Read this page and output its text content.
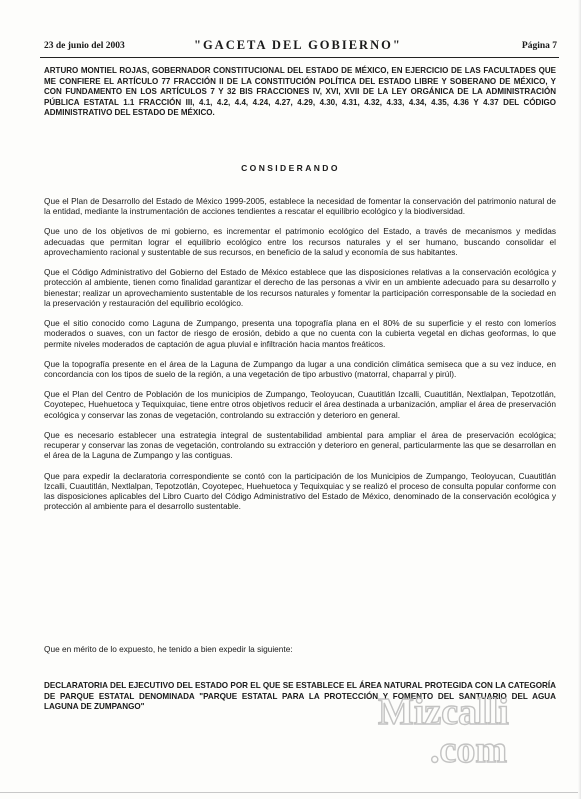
23 de junio del 2003	"GACETA DEL GOBIERNO"	Página 7
ARTURO MONTIEL ROJAS, GOBERNADOR CONSTITUCIONAL DEL ESTADO DE MÉXICO, EN EJERCICIO DE LAS FACULTADES QUE ME CONFIERE EL ARTÍCULO 77 FRACCIÓN II DE LA CONSTITUCIÓN POLÍTICA DEL ESTADO LIBRE Y SOBERANO DE MÉXICO, Y CON FUNDAMENTO EN LOS ARTÍCULOS 7 Y 32 BIS FRACCIONES IV, XVI, XVII DE LA LEY ORGÁNICA DE LA ADMINISTRACIÓN PÚBLICA ESTATAL 1.1 FRACCIÓN III, 4.1, 4.2, 4.4, 4.24, 4.27, 4.29, 4.30, 4.31, 4.32, 4.33, 4.34, 4.35, 4.36 Y 4.37 DEL CÓDIGO ADMINISTRATIVO DEL ESTADO DE MÉXICO.
CONSIDERANDO

Que el Plan de Desarrollo del Estado de México 1999-2005, establece la necesidad de fomentar la conservación del patrimonio natural de la entidad, mediante la instrumentación de acciones tendientes a rescatar el equilibrio ecológico y la biodiversidad.

Que uno de los objetivos de mi gobierno, es incrementar el patrimonio ecológico del Estado, a través de mecanismos y medidas adecuadas que permitan lograr el equilibrio ecológico entre los recursos naturales y el ser humano, buscando consolidar el aprovechamiento racional y sustentable de sus recursos, en beneficio de la salud y economía de sus habitantes.

Que el Código Administrativo del Gobierno del Estado de México establece que las disposiciones relativas a la conservación ecológica y protección al ambiente, tienen como finalidad garantizar el derecho de las personas a vivir en un ambiente adecuado para su desarrollo y bienestar; realizar un aprovechamiento sustentable de los recursos naturales y fomentar la participación corresponsable de la sociedad en la preservación y restauración del equilibrio ecológico.

Que el sitio conocido como Laguna de Zumpango, presenta una topografía plana en el 80% de su superficie y el resto con lomeríos moderados o suaves, con un factor de riesgo de erosión, debido a que no cuenta con la cubierta vegetal en dichas geoformas, lo que permite niveles moderados de captación de agua pluvial e infiltración hacia mantos freáticos.

Que la topografía presente en el área de la Laguna de Zumpango da lugar a una condición climática semiseca que a su vez induce, en concordancia con los tipos de suelo de la región, a una vegetación de tipo arbustivo (matorral, chaparral y pirúl).

Que el Plan del Centro de Población de los municipios de Zumpango, Teoloyucan, Cuautitlán Izcalli, Cuautitlán, Nextlalpan, Tepotzotlán, Coyotepec, Huehuetoca y Tequixquiac, tiene entre otros objetivos reducir el área destinada a urbanización, ampliar el área de preservación ecológica y conservar las zonas de vegetación, controlando su extracción y deterioro en general.

Que es necesario establecer una estrategia integral de sustentabilidad ambiental para ampliar el área de preservación ecológica; recuperar y conservar las zonas de vegetación, controlando su extracción y deterioro en general, particularmente las que se desarrollan en el área de la Laguna de Zumpango y las contiguas.

Que para expedir la declaratoria correspondiente se contó con la participación de los Municipios de Zumpango, Teoloyucan, Cuautitlán Izcalli, Cuautitlán, Nextlalpan, Tepotzotlán, Coyotepec, Huehuetoca y Tequixquiac y se realizó el proceso de consulta popular conforme con las disposiciones aplicables del Libro Cuarto del Código Administrativo del Estado de México, denominado de la conservación ecológica y protección al ambiente para el desarrollo sustentable.

Que en mérito de lo expuesto, he tenido a bien expedir la siguiente:
DECLARATORIA DEL EJECUTIVO DEL ESTADO POR EL QUE SE ESTABLECE EL ÁREA NATURAL PROTEGIDA CON LA CATEGORÍA DE PARQUE ESTATAL DENOMINADA "PARQUE ESTATAL PARA LA PROTECCIÓN Y FOMENTO DEL SANTUARIO DEL AGUA LAGUNA DE ZUMPANGO"	Mizcalli
.com
